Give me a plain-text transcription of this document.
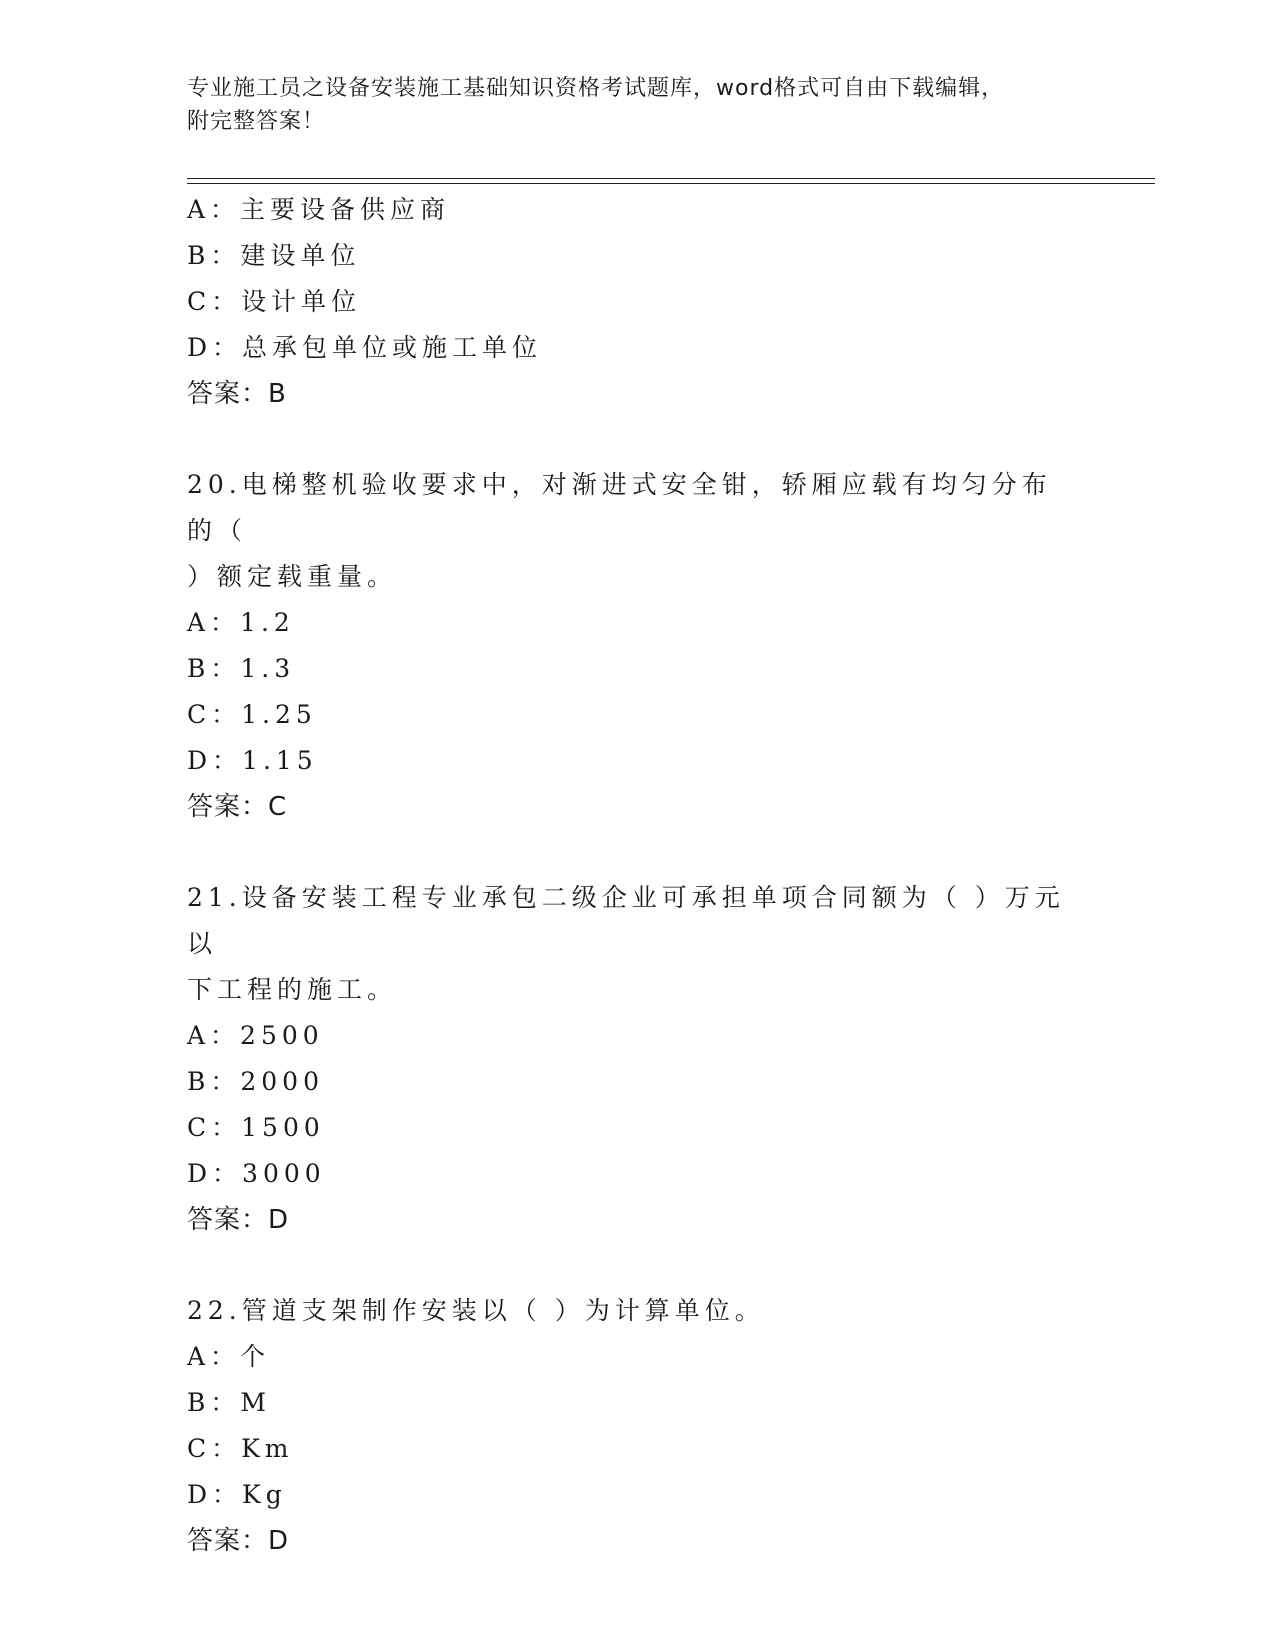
专业施工员之设备安装施工基础知识资格考试题库，word格式可自由下载编辑，
附完整答案！
A：主要设备供应商
B：建设单位
C：设计单位
D：总承包单位或施工单位
答案：B
20.电梯整机验收要求中，对渐进式安全钳，轿厢应载有均匀分布的（
）额定载重量。
A：1.2
B：1.3
C：1.25
D：1.15
答案：C
21.设备安装工程专业承包二级企业可承担单项合同额为（ ）万元以
下工程的施工。
A：2500
B：2000
C：1500
D：3000
答案：D
22.管道支架制作安装以（ ）为计算单位。
A：个
B：M
C：Km
D：Kg
答案：D
